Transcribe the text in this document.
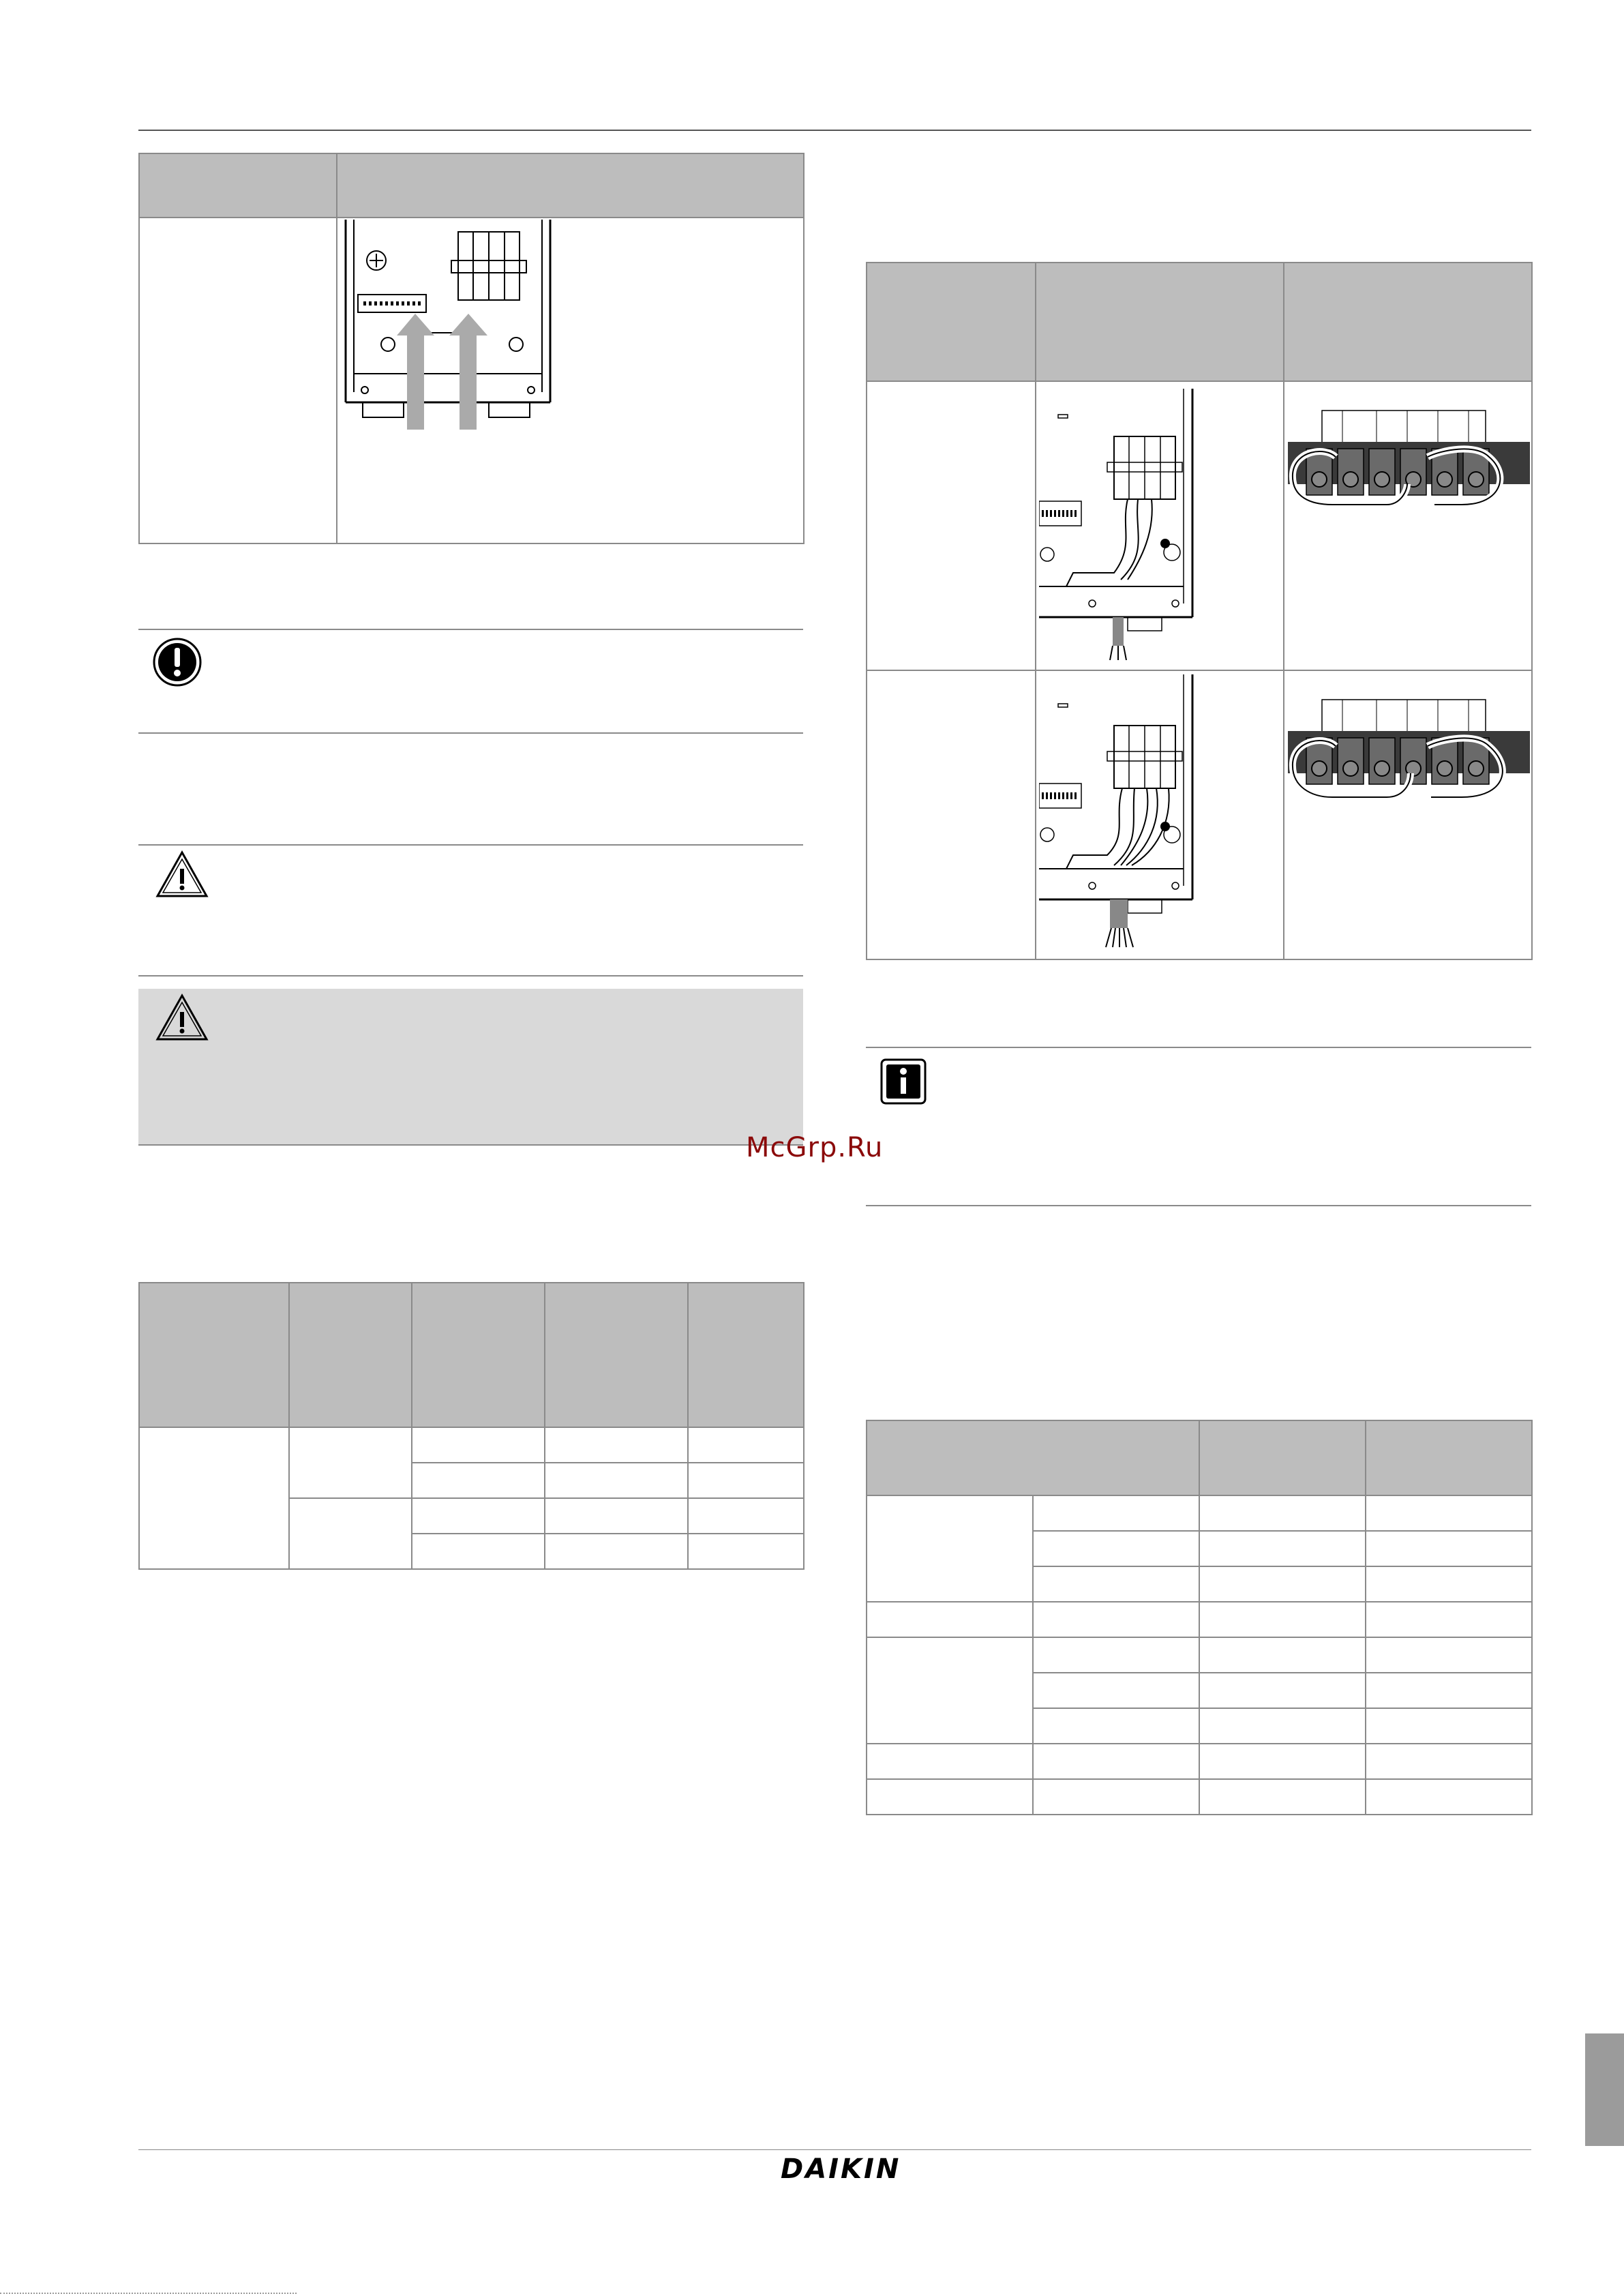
McGrp.Ru

DAIKIN
